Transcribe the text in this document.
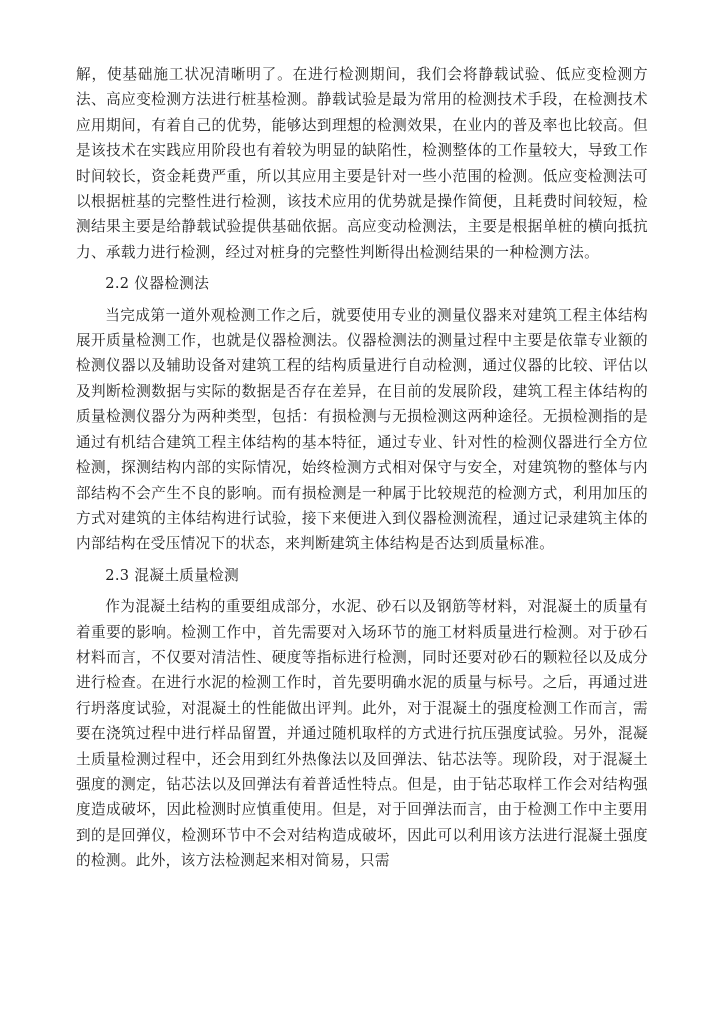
解，使基础施工状况清晰明了。在进行检测期间，我们会将静载试验、低应变检测方法、高应变检测方法进行桩基检测。静载试验是最为常用的检测技术手段，在检测技术应用期间，有着自己的优势，能够达到理想的检测效果，在业内的普及率也比较高。但是该技术在实践应用阶段也有着较为明显的缺陷性，检测整体的工作量较大，导致工作时间较长，资金耗费严重，所以其应用主要是针对一些小范围的检测。低应变检测法可以根据桩基的完整性进行检测，该技术应用的优势就是操作简便，且耗费时间较短，检测结果主要是给静载试验提供基础依据。高应变动检测法，主要是根据单桩的横向抵抗力、承载力进行检测，经过对桩身的完整性判断得出检测结果的一种检测方法。

2.2 仪器检测法

当完成第一道外观检测工作之后，就要使用专业的测量仪器来对建筑工程主体结构展开质量检测工作，也就是仪器检测法。仪器检测法的测量过程中主要是依靠专业额的检测仪器以及辅助设备对建筑工程的结构质量进行自动检测，通过仪器的比较、评估以及判断检测数据与实际的数据是否存在差异，在目前的发展阶段，建筑工程主体结构的质量检测仪器分为两种类型，包括：有损检测与无损检测这两种途径。无损检测指的是通过有机结合建筑工程主体结构的基本特征，通过专业、针对性的检测仪器进行全方位检测，探测结构内部的实际情况，始终检测方式相对保守与安全，对建筑物的整体与内部结构不会产生不良的影响。而有损检测是一种属于比较规范的检测方式，利用加压的方式对建筑的主体结构进行试验，接下来便进入到仪器检测流程，通过记录建筑主体的内部结构在受压情况下的状态，来判断建筑主体结构是否达到质量标准。

2.3 混凝土质量检测

作为混凝土结构的重要组成部分，水泥、砂石以及钢筋等材料，对混凝土的质量有着重要的影响。检测工作中，首先需要对入场环节的施工材料质量进行检测。对于砂石材料而言，不仅要对清洁性、硬度等指标进行检测，同时还要对砂石的颗粒径以及成分进行检查。在进行水泥的检测工作时，首先要明确水泥的质量与标号。之后，再通过进行坍落度试验，对混凝土的性能做出评判。此外，对于混凝土的强度检测工作而言，需要在浇筑过程中进行样品留置，并通过随机取样的方式进行抗压强度试验。另外，混凝土质量检测过程中，还会用到红外热像法以及回弹法、钻芯法等。现阶段，对于混凝土强度的测定，钻芯法以及回弹法有着普适性特点。但是，由于钻芯取样工作会对结构强度造成破坏，因此检测时应慎重使用。但是，对于回弹法而言，由于检测工作中主要用到的是回弹仪，检测环节中不会对结构造成破坏，因此可以利用该方法进行混凝土强度的检测。此外，该方法检测起来相对简易，只需
